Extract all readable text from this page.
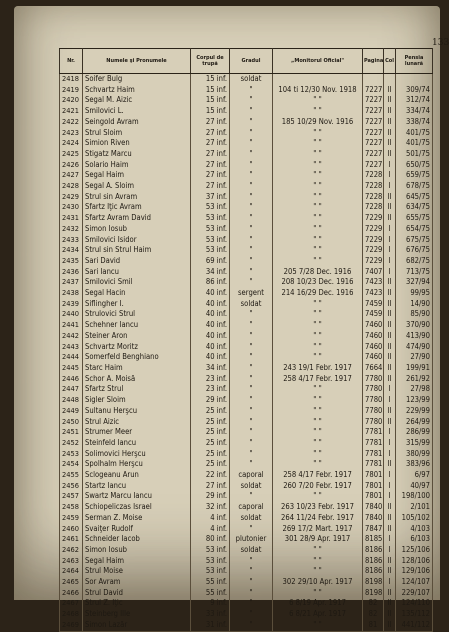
133
Nr.	Numele şi Pronumele	Corpul de trupă	Gradul	„Monitorul Oficial"	Pagina	Col	Pensia lunară
2418	Soifer Bulg	15 inf.	soldat				
2419	Schvartz Haim	15 inf.	"	104 ti 12/30 Nov. 1918	7227	II	309/74
2420	Segal M. Aizic	15 inf.	"	" "	7227	II	312/74
2421	Smilovici L.	15 inf.	"	" "	7227	II	334/74
2422	Seingold Avram	27 inf.	"	185 10/29 Nov. 1916	7227	II	338/74
2423	Strul Sloim	27 inf.	"	" "	7227	II	401/75
2424	Simion Riven	27 inf.	"	" "	7227	II	401/75
2425	Stigatz Marcu	27 inf.	"	" "	7227	II	501/75
2426	Solario Haim	27 inf.	"	" "	7227	I	650/75
2427	Segal Haim	27 inf.	"	" "	7228	I	659/75
2428	Segal A. Sloim	27 inf.	"	" "	7228	I	678/75
2429	Strul sin Avram	37 inf.	"	" "	7228	II	645/75
2430	Sfartz Iţic Avram	53 inf.	"	" "	7228	II	634/75
2431	Sfartz Avram David	53 inf.	"	" "	7229	II	655/75
2432	Simon Iosub	53 inf.	"	" "	7229	I	654/75
2433	Smilovici Isidor	53 inf.	"	" "	7229	I	675/75
2434	Strul sin Strul Haim	53 inf.	"	" "	7229	I	676/75
2435	Sari David	69 inf.	"	" "	7229	I	682/75
2436	Sari Iancu	34 inf.	"	205 7/28 Dec. 1916	7407	I	713/75
2437	Smilovici Smil	86 inf.	"	208 10/23 Dec. 1916	7423	II	327/94
2438	Segal Hacin	40 inf.	sergent	214 16/29 Dec. 1916	7423	II	99/95
2439	Siflingher I.	40 inf.	soldat	" "	7459	II	14/90
2440	Strulovici Strul	40 inf.	"	" "	7459	II	85/90
2441	Schehner Iancu	40 inf.	"	" "	7460	II	370/90
2442	Steiner Aron	40 inf.	"	" "	7460	II	413/90
2443	Schvartz Moritz	40 inf.	"	" "	7460	II	474/90
2444	Somerfeld Benghiano	40 inf.	"	" "	7460	II	27/90
2445	Starc Haim	34 inf.	"	243 19/1 Febr. 1917	7664	II	199/91
2446	Schor A. Moisă	23 inf.	"	258 4/17 Febr. 1917	7780	II	261/92
2447	Sfartz Strul	23 inf.	"	" "	7780	I	27/98
2448	Sigler Sloim	29 inf.	"	" "	7780	I	123/99
2449	Sultanu Herşcu	25 inf.	"	" "	7780	II	229/99
2450	Strul Aizic	25 inf.	"	" "	7780	II	264/99
2451	Strumer Meer	25 inf.	"	" "	7781	I	286/99
2452	Steinfeld Iancu	25 inf.	"	" "	7781	I	315/99
2453	Solimovici Herşcu	25 inf.	"	" "	7781	I	380/99
2454	Spolhalm Herşcu	25 inf.	"	" "	7781	II	383/96
2455	Sclogeanu Arun	22 inf.	caporal	258 4/17 Febr. 1917	7801	I	6/97
2456	Startz Iancu	27 inf.	soldat	260 7/20 Febr. 1917	7801	I	40/97
2457	Swartz Marcu Iancu	29 inf.	"	" "	7801	I	198/100
2458	Schiopeliczas Israel	32 inf.	caporal	263 10/23 Febr. 1917	7840	II	2/101
2459	Serman Z. Moise	4 inf.	soldat	264 11/24 Febr. 1917	7840	II	105/102
2460	Svaiţer Rudolf	4 inf.	"	269 17/2 Mart. 1917	7847	II	4/103
2461	Schneider Iacob	80 inf.	plutonier	301 28/9 Apr. 1917	8185	I	6/103
2462	Simon Iosub	53 inf.	soldat	" "	8186	I	125/106
2463	Segal Haim	53 inf.	"	" "	8186	II	128/106
2464	Strul Moise	53 inf.	"	" "	8186	II	129/106
2465	Sor Avram	55 inf.	"	302 29/10 Apr. 1917	8198	I	124/107
2466	Strul David	55 inf.	"	" "	8198	II	229/107
2467	Strul Z. Iţic	9 inf.	"	6 8/19 Apr. 1917	82	II	124/110
2468	Steinberg Ille	33 inf.	"	6 8/21 Apr. 1917	82	II	135/112
2469	Simon Lazăr	31 inf.	"	" "	81	II	441/112
